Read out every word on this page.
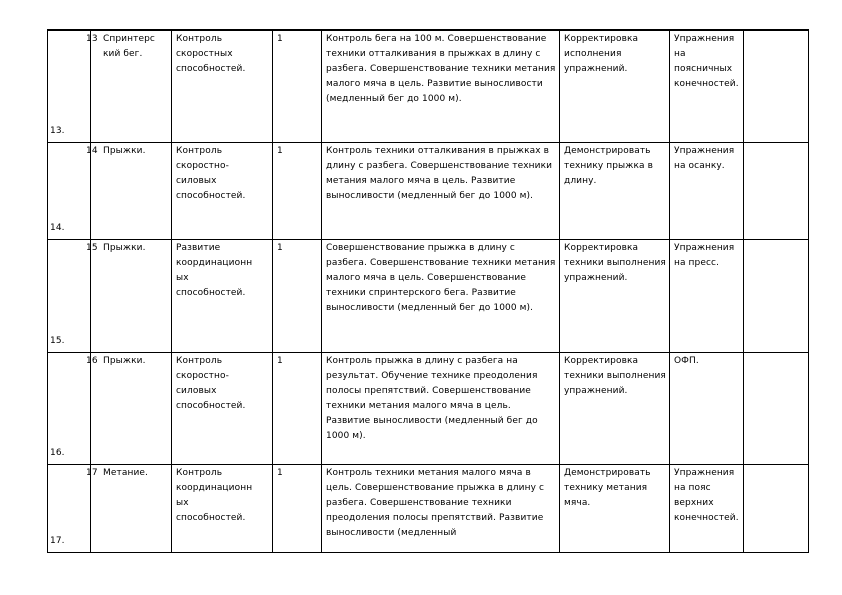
13.	13 Спринтерский бег.	Контроль скоростных способностей.	1	Контроль бега на 100 м. Совершенствование техники отталкивания в прыжках в длину с разбега. Совершенствование техники метания малого мяча в цель. Развитие выносливости (медленный бег до 1000 м).	Корректировка исполнения упражнений.	Упражнения на поясничных конечностей.	
14.	14 Прыжки.	Контроль скоростно-силовых способностей.	1	Контроль техники отталкивания в прыжках в длину с разбега. Совершенствование техники метания малого мяча в цель. Развитие выносливости (медленный бег до 1000 м).	Демонстрировать технику прыжка в длину.	Упражнения на осанку.	
15.	15 Прыжки.	Развитие координационных способностей.	1	Совершенствование прыжка в длину с разбега. Совершенствование техники метания малого мяча в цель. Совершенствование техники спринтерского бега. Развитие выносливости (медленный бег до 1000 м).	Корректировка техники выполнения упражнений.	Упражнения на пресс.	
16.	16 Прыжки.	Контроль скоростно-силовых способностей.	1	Контроль прыжка в длину с разбега на результат. Обучение технике преодоления полосы препятствий. Совершенствование техники метания малого мяча в цель. Развитие выносливости (медленный бег до 1000 м).	Корректировка техники выполнения упражнений.	ОФП.	
17.	17 Метание.	Контроль координационных способностей.	1	Контроль техники метания малого мяча в цель. Совершенствование прыжка в длину с разбега. Совершенствование техники преодоления полосы препятствий. Развитие выносливости (медленный	Демонстрировать технику метания мяча.	Упражнения на пояс верхних конечностей.	
